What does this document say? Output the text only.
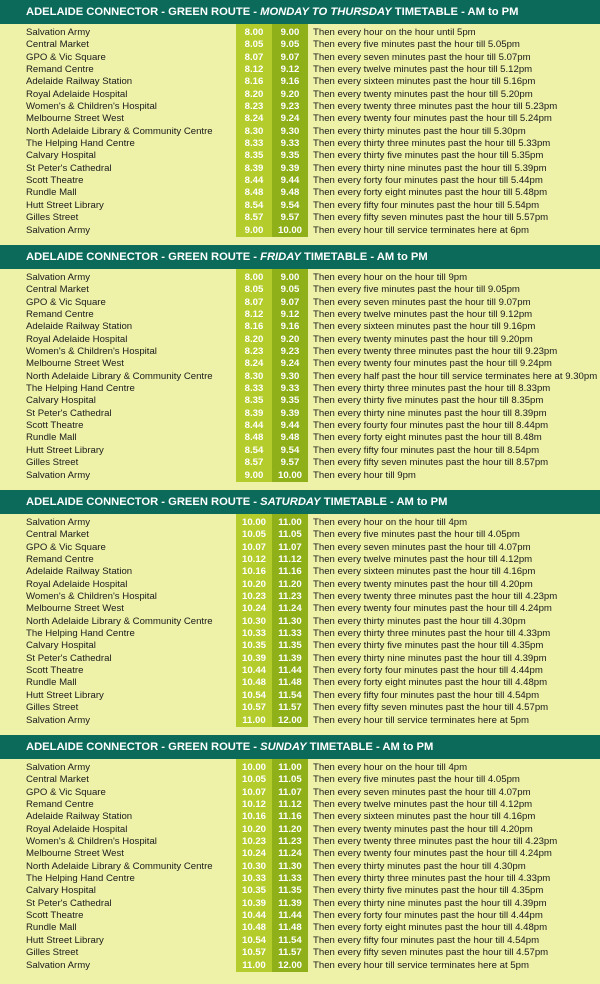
ADELAIDE CONNECTOR - GREEN ROUTE - MONDAY TO THURSDAY TIMETABLE - AM to PM
Salvation Army	8.00	9.00	Then every hour on the hour until 5pm
Central Market	8.05	9.05	Then every five minutes past the hour till 5.05pm
GPO & Vic Square	8.07	9.07	Then every seven minutes past the hour till 5.07pm
Remand Centre	8.12	9.12	Then every twelve minutes past the hour till 5.12pm
Adelaide Railway Station	8.16	9.16	Then every sixteen minutes past the hour till 5.16pm
Royal Adelaide Hospital	8.20	9.20	Then every twenty minutes past the hour till 5.20pm
Women's & Children's Hospital	8.23	9.23	Then every twenty three minutes past the hour till 5.23pm
Melbourne Street West	8.24	9.24	Then every twenty four minutes past the hour till 5.24pm
North Adelaide Library & Community Centre	8.30	9.30	Then every thirty minutes past the hour till 5.30pm
The Helping Hand Centre	8.33	9.33	Then every thirty three minutes past the hour till 5.33pm
Calvary Hospital	8.35	9.35	Then every thirty five minutes past the hour till 5.35pm
St Peter's Cathedral	8.39	9.39	Then every thirty nine minutes past the hour till 5.39pm
Scott Theatre	8.44	9.44	Then every forty four minutes past the hour till 5.44pm
Rundle Mall	8.48	9.48	Then every forty eight minutes past the hour till 5.48pm
Hutt Street Library	8.54	9.54	Then every fifty four minutes past the hour till 5.54pm
Gilles Street	8.57	9.57	Then every fifty seven minutes past the hour till 5.57pm
Salvation Army	9.00	10.00	Then every hour till service terminates here at 6pm
ADELAIDE CONNECTOR - GREEN ROUTE - FRIDAY TIMETABLE - AM to PM
Salvation Army	8.00	9.00	Then every hour on the hour till 9pm
Central Market	8.05	9.05	Then every five minutes past the hour till 9.05pm
GPO & Vic Square	8.07	9.07	Then every seven minutes past the hour till 9.07pm
Remand Centre	8.12	9.12	Then every twelve minutes past the hour till 9.12pm
Adelaide Railway Station	8.16	9.16	Then every sixteen minutes past the hour till 9.16pm
Royal Adelaide Hospital	8.20	9.20	Then every twenty minutes past the hour till 9.20pm
Women's & Children's Hospital	8.23	9.23	Then every twenty three minutes past the hour till 9.23pm
Melbourne Street West	8.24	9.24	Then every twenty four minutes past the hour till 9.24pm
North Adelaide Library & Community Centre	8.30	9.30	Then every half past the hour till service terminates here at 9.30pm
The Helping Hand Centre	8.33	9.33	Then every thirty three minutes past the hour till 8.33pm
Calvary Hospital	8.35	9.35	Then every thirty five minutes past the hour till 8.35pm
St Peter's Cathedral	8.39	9.39	Then every thirty nine minutes past the hour till 8.39pm
Scott Theatre	8.44	9.44	Then every fourty four minutes past the hour till 8.44pm
Rundle Mall	8.48	9.48	Then every forty eight minutes past the hour till 8.48m
Hutt Street Library	8.54	9.54	Then every fifty four minutes past the hour till 8.54pm
Gilles Street	8.57	9.57	Then every fifty seven minutes past the hour till 8.57pm
Salvation Army	9.00	10.00	Then every hour till 9pm
ADELAIDE CONNECTOR - GREEN ROUTE - SATURDAY TIMETABLE - AM to PM
Salvation Army	10.00	11.00	Then every hour on the hour till 4pm
Central Market	10.05	11.05	Then every five minutes past the hour till 4.05pm
GPO & Vic Square	10.07	11.07	Then every seven minutes past the hour till 4.07pm
Remand Centre	10.12	11.12	Then every twelve minutes past the hour till 4.12pm
Adelaide Railway Station	10.16	11.16	Then every sixteen minutes past the hour till 4.16pm
Royal Adelaide Hospital	10.20	11.20	Then every twenty minutes past the hour till 4.20pm
Women's & Children's Hospital	10.23	11.23	Then every twenty three minutes past the hour till 4.23pm
Melbourne Street West	10.24	11.24	Then every twenty four minutes past the hour till 4.24pm
North Adelaide Library & Community Centre	10.30	11.30	Then every thirty minutes past the hour till 4.30pm
The Helping Hand Centre	10.33	11.33	Then every thirty three minutes past the hour till 4.33pm
Calvary Hospital	10.35	11.35	Then every thirty five minutes past the hour till 4.35pm
St Peter's Cathedral	10.39	11.39	Then every thirty nine minutes past the hour till 4.39pm
Scott Theatre	10.44	11.44	Then every forty four minutes past the hour till 4.44pm
Rundle Mall	10.48	11.48	Then every forty eight minutes past the hour till 4.48pm
Hutt Street Library	10.54	11.54	Then every fifty four minutes past the hour till 4.54pm
Gilles Street	10.57	11.57	Then every fifty seven minutes past the hour till 4.57pm
Salvation Army	11.00	12.00	Then every hour till service terminates here at 5pm
ADELAIDE CONNECTOR - GREEN ROUTE - SUNDAY TIMETABLE - AM to PM
Salvation Army	10.00	11.00	Then every hour on the hour till 4pm
Central Market	10.05	11.05	Then every five minutes past the hour till 4.05pm
GPO & Vic Square	10.07	11.07	Then every seven minutes past the hour till 4.07pm
Remand Centre	10.12	11.12	Then every twelve minutes past the hour till 4.12pm
Adelaide Railway Station	10.16	11.16	Then every sixteen minutes past the hour till 4.16pm
Royal Adelaide Hospital	10.20	11.20	Then every twenty minutes past the hour till 4.20pm
Women's & Children's Hospital	10.23	11.23	Then every twenty three minutes past the hour till 4.23pm
Melbourne Street West	10.24	11.24	Then every twenty four minutes past the hour till 4.24pm
North Adelaide Library & Community Centre	10.30	11.30	Then every thirty minutes past the hour till 4.30pm
The Helping Hand Centre	10.33	11.33	Then every thirty three minutes past the hour till 4.33pm
Calvary Hospital	10.35	11.35	Then every thirty five minutes past the hour till 4.35pm
St Peter's Cathedral	10.39	11.39	Then every thirty nine minutes past the hour till 4.39pm
Scott Theatre	10.44	11.44	Then every forty four minutes past the hour till 4.44pm
Rundle Mall	10.48	11.48	Then every forty eight minutes past the hour till 4.48pm
Hutt Street Library	10.54	11.54	Then every fifty four minutes past the hour till 4.54pm
Gilles Street	10.57	11.57	Then every fifty seven minutes past the hour till 4.57pm
Salvation Army	11.00	12.00	Then every hour till service terminates here at 5pm
